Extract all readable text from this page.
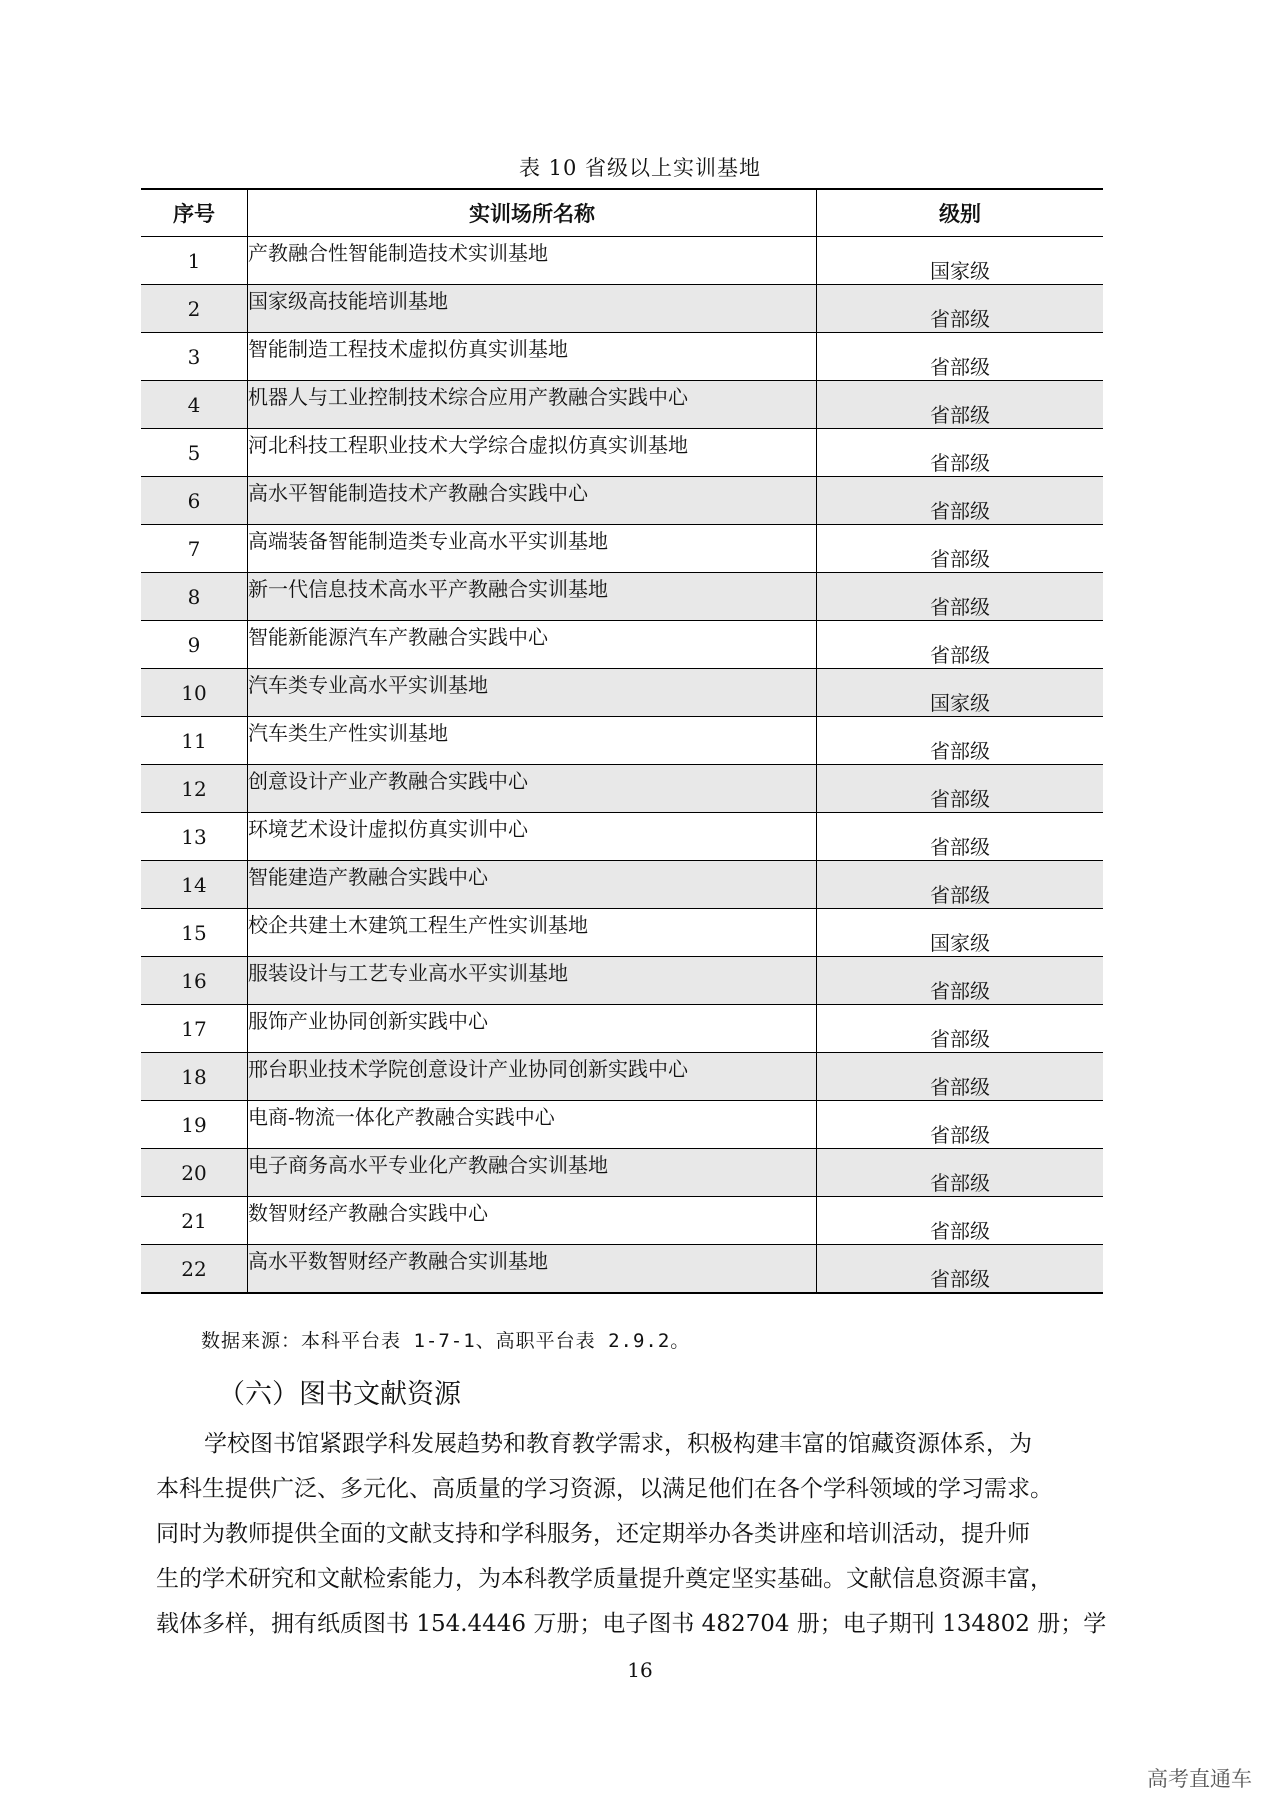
表 10 省级以上实训基地
序号	实训场所名称	级别
1	产教融合性智能制造技术实训基地	国家级
2	国家级高技能培训基地	省部级
3	智能制造工程技术虚拟仿真实训基地	省部级
4	机器人与工业控制技术综合应用产教融合实践中心	省部级
5	河北科技工程职业技术大学综合虚拟仿真实训基地	省部级
6	高水平智能制造技术产教融合实践中心	省部级
7	高端装备智能制造类专业高水平实训基地	省部级
8	新一代信息技术高水平产教融合实训基地	省部级
9	智能新能源汽车产教融合实践中心	省部级
10	汽车类专业高水平实训基地	国家级
11	汽车类生产性实训基地	省部级
12	创意设计产业产教融合实践中心	省部级
13	环境艺术设计虚拟仿真实训中心	省部级
14	智能建造产教融合实践中心	省部级
15	校企共建土木建筑工程生产性实训基地	国家级
16	服装设计与工艺专业高水平实训基地	省部级
17	服饰产业协同创新实践中心	省部级
18	邢台职业技术学院创意设计产业协同创新实践中心	省部级
19	电商-物流一体化产教融合实践中心	省部级
20	电子商务高水平专业化产教融合实训基地	省部级
21	数智财经产教融合实践中心	省部级
22	高水平数智财经产教融合实训基地	省部级
数据来源：本科平台表 1-7-1、高职平台表 2.9.2。
（六）图书文献资源
学校图书馆紧跟学科发展趋势和教育教学需求，积极构建丰富的馆藏资源体系，为
本科生提供广泛、多元化、高质量的学习资源，以满足他们在各个学科领域的学习需求。
同时为教师提供全面的文献支持和学科服务，还定期举办各类讲座和培训活动，提升师
生的学术研究和文献检索能力，为本科教学质量提升奠定坚实基础。文献信息资源丰富，
载体多样，拥有纸质图书 154.4446 万册；电子图书 482704 册；电子期刊 134802 册；学
16
高考直通车
